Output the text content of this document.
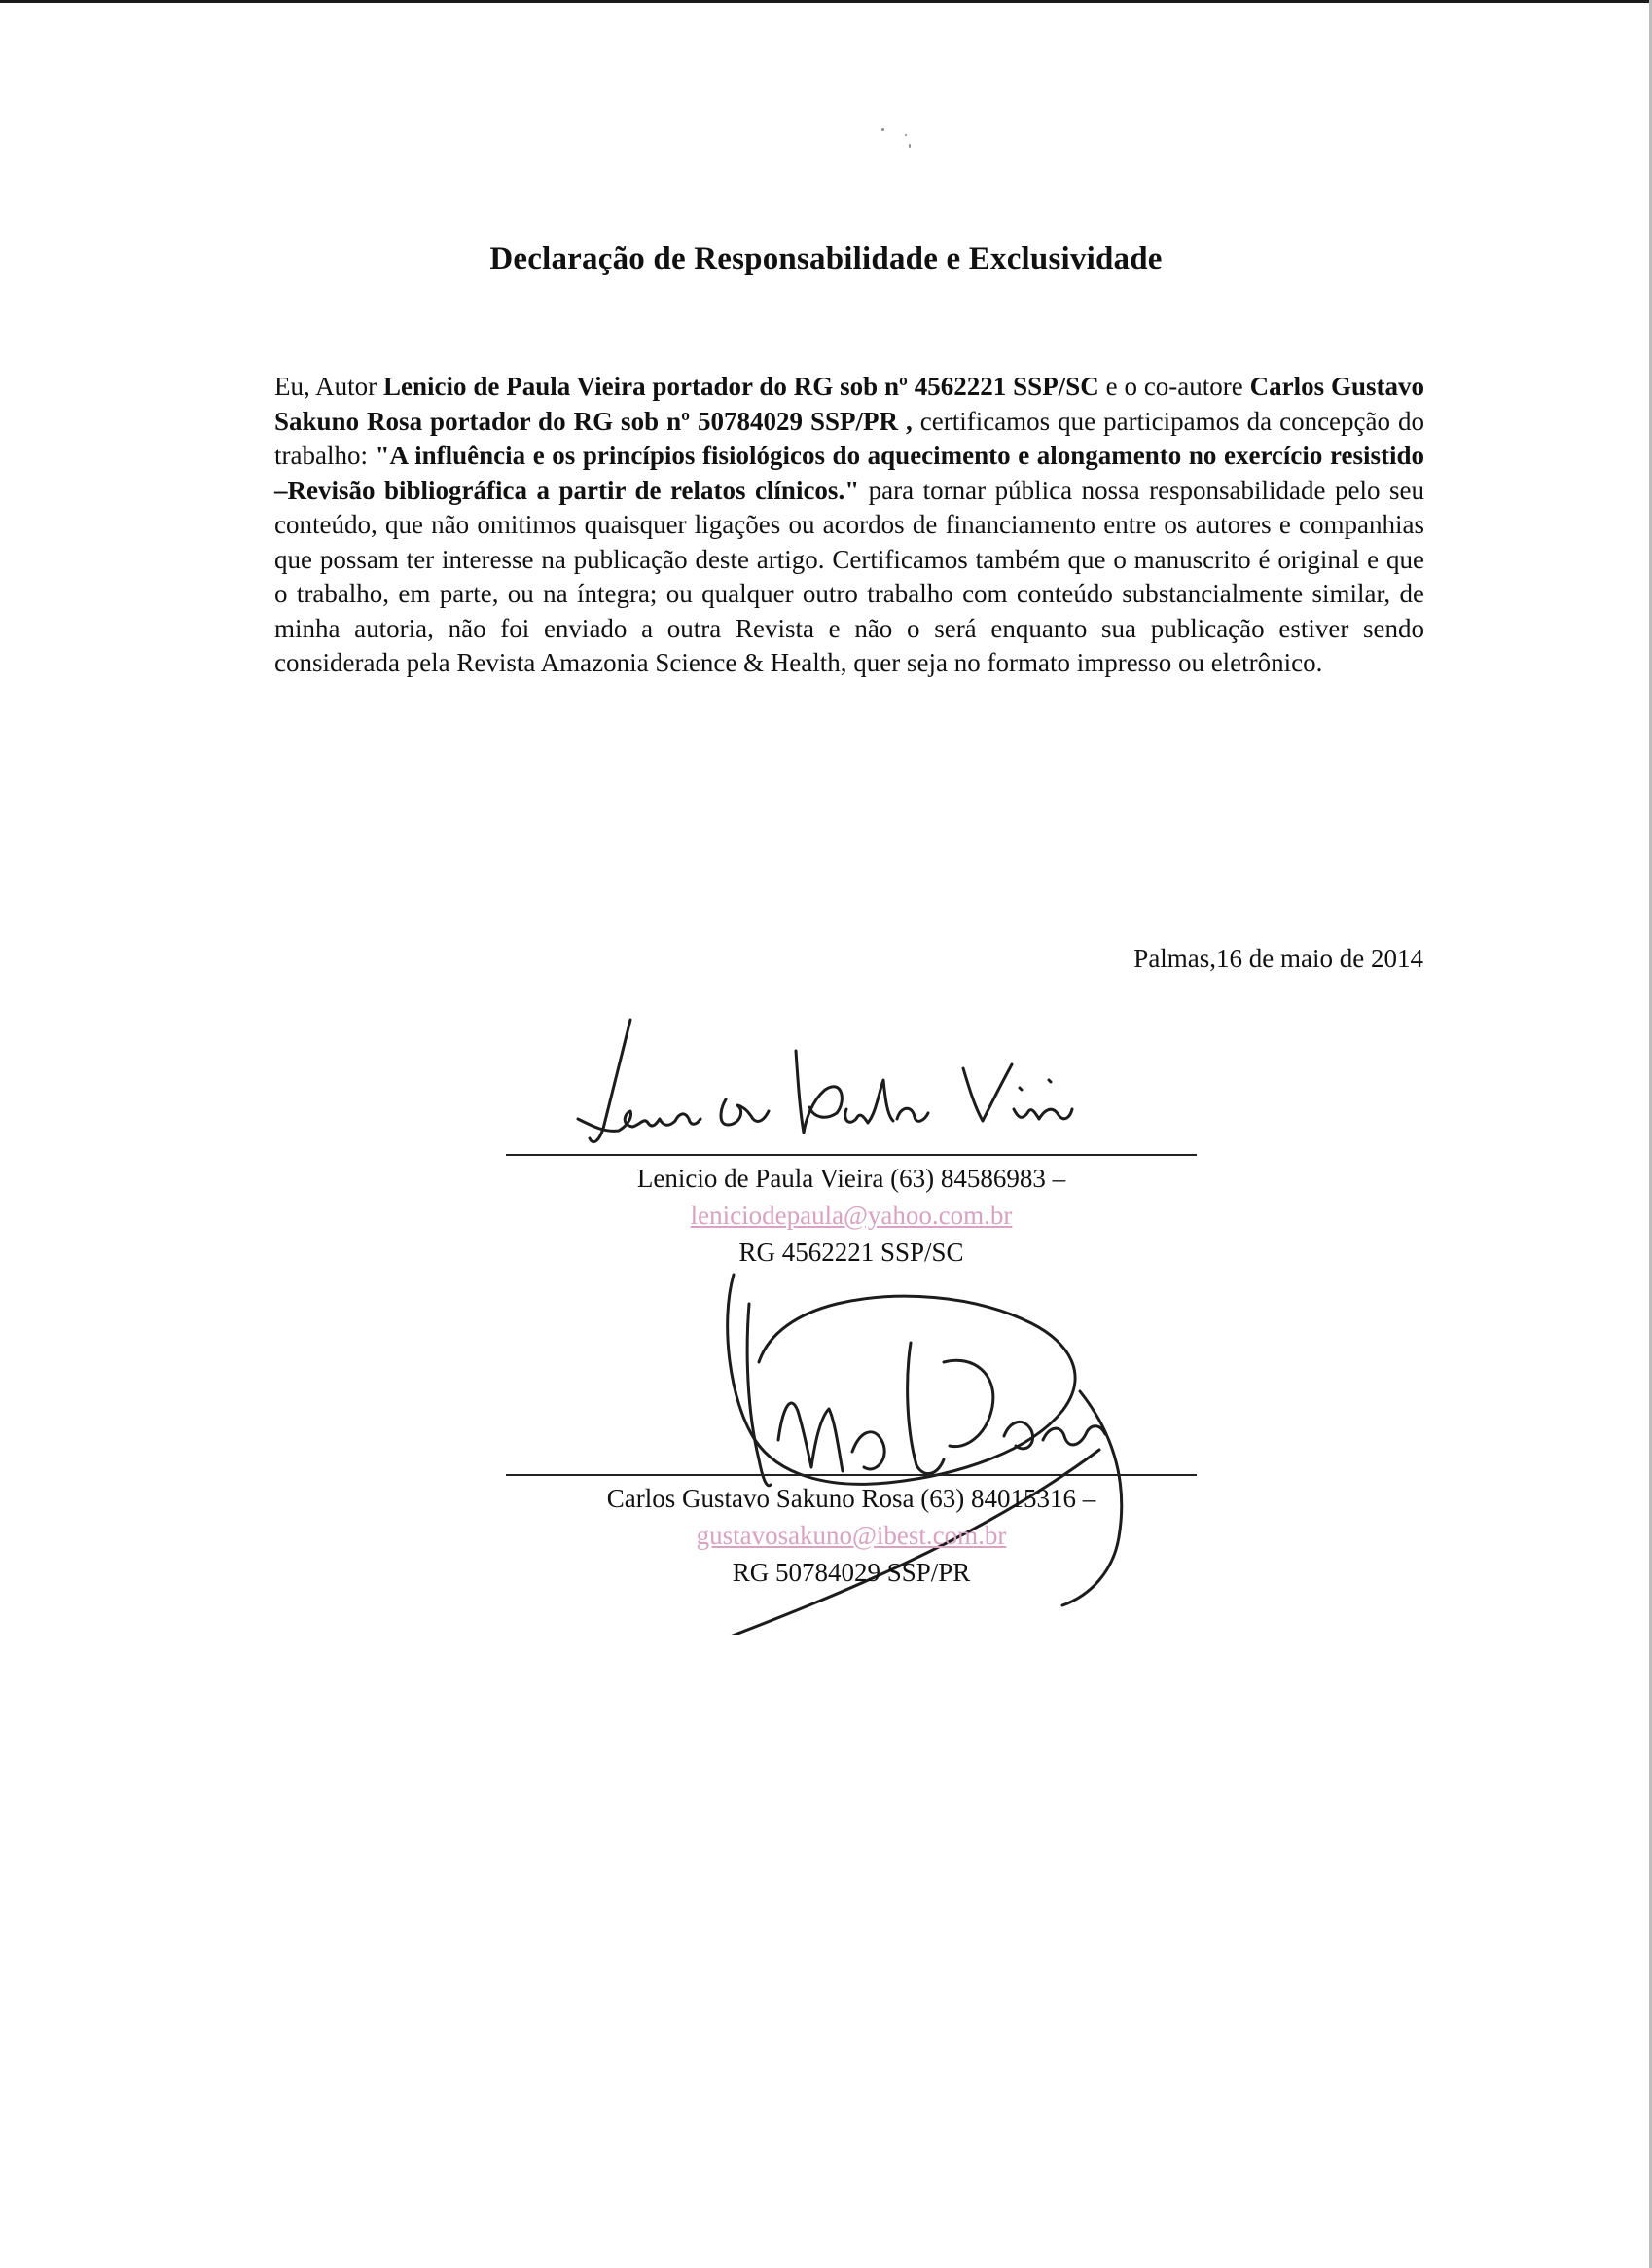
Declaração de Responsabilidade e Exclusividade
Eu, Autor Lenicio de Paula Vieira portador do RG sob nº 4562221 SSP/SC e o co-autore Carlos Gustavo Sakuno Rosa portador do RG sob nº 50784029 SSP/PR , certificamos que participamos da concepção do trabalho: "A influência e os princípios fisiológicos do aquecimento e alongamento no exercício resistido –Revisão bibliográfica a partir de relatos clínicos." para tornar pública nossa responsabilidade pelo seu conteúdo, que não omitimos quaisquer ligações ou acordos de financiamento entre os autores e companhias que possam ter interesse na publicação deste artigo. Certificamos também que o manuscrito é original e que o trabalho, em parte, ou na íntegra; ou qualquer outro trabalho com conteúdo substancialmente similar, de minha autoria, não foi enviado a outra Revista e não o será enquanto sua publicação estiver sendo considerada pela Revista Amazonia Science & Health, quer seja no formato impresso ou eletrônico.
Palmas,16 de maio de 2014
Lenicio de Paula Vieira (63) 84586983 –
leniciodepaula@yahoo.com.br
RG 4562221 SSP/SC
Carlos Gustavo Sakuno Rosa (63) 84015316 –
gustavosakuno@ibest.com.br
RG 50784029 SSP/PR
